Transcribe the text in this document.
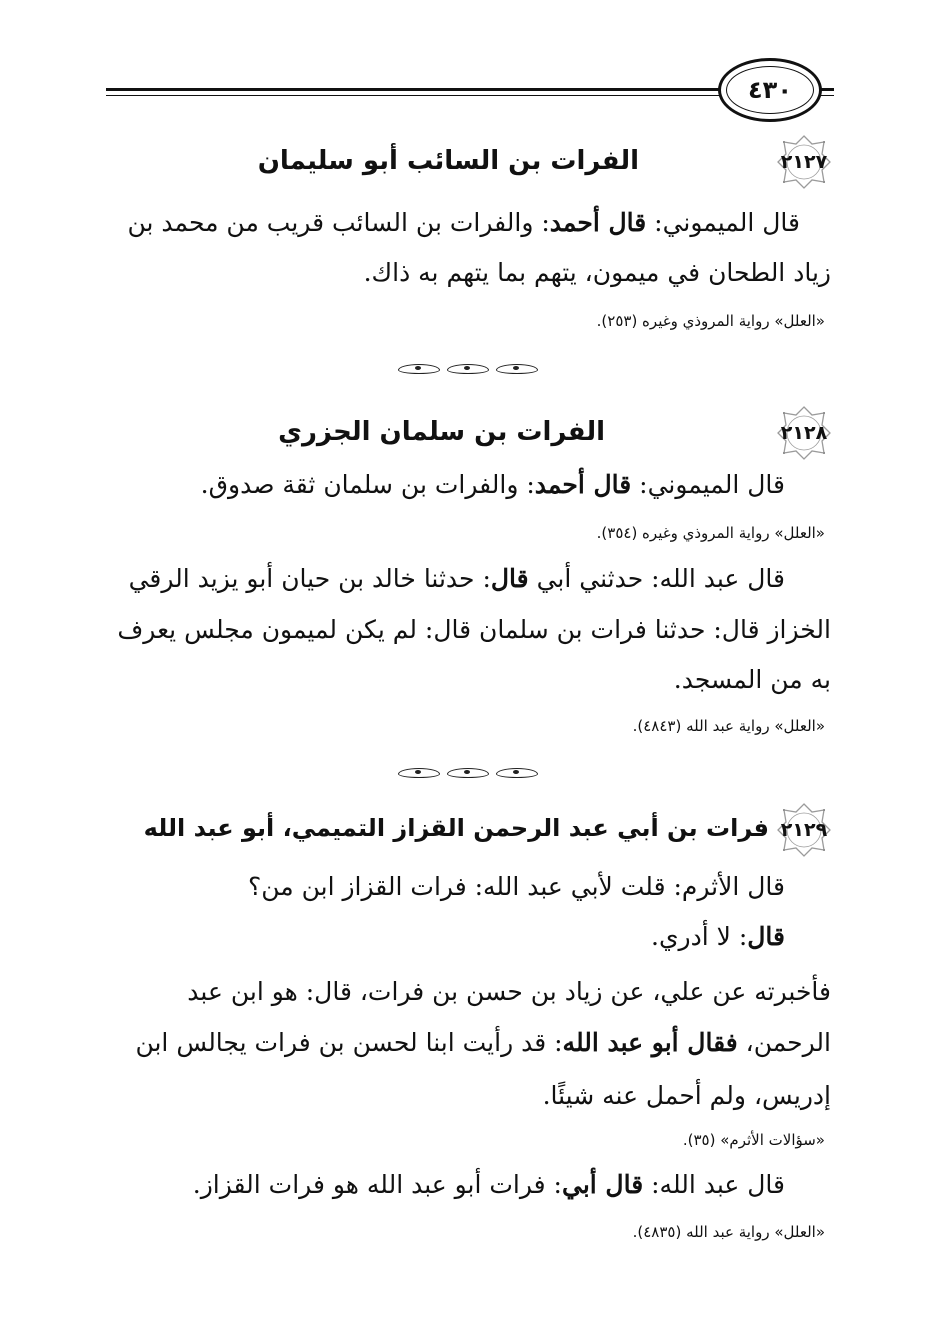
٤٣٠
٢١٢٧
الفرات بن السائب أبو سليمان
قال الميموني: قال أحمد: والفرات بن السائب قريب من محمد بن
زياد الطحان في ميمون، يتهم بما يتهم به ذاك.
«العلل» رواية المروذي وغيره (٢٥٣).
٢١٢٨
الفرات بن سلمان الجزري
قال الميموني: قال أحمد: والفرات بن سلمان ثقة صدوق.
«العلل» رواية المروذي وغيره (٣٥٤).
قال عبد الله: حدثني أبي قال: حدثنا خالد بن حيان أبو يزيد الرقي
الخزاز قال: حدثنا فرات بن سلمان قال: لم يكن لميمون مجلس يعرف
به من المسجد.
«العلل» رواية عبد الله (٤٨٤٣).
٢١٢٩
فرات بن أبي عبد الرحمن القزاز التميمي، أبو عبد الله
قال الأثرم: قلت لأبي عبد الله: فرات القزاز ابن من؟
قال: لا أدري.
فأخبرته عن علي، عن زياد بن حسن بن فرات، قال: هو ابن عبد
الرحمن، فقال أبو عبد الله: قد رأيت ابنا لحسن بن فرات يجالس ابن
إدريس، ولم أحمل عنه شيئًا.
«سؤالات الأثرم» (٣٥).
قال عبد الله: قال أبي: فرات أبو عبد الله هو فرات القزاز.
«العلل» رواية عبد الله (٤٨٣٥).
